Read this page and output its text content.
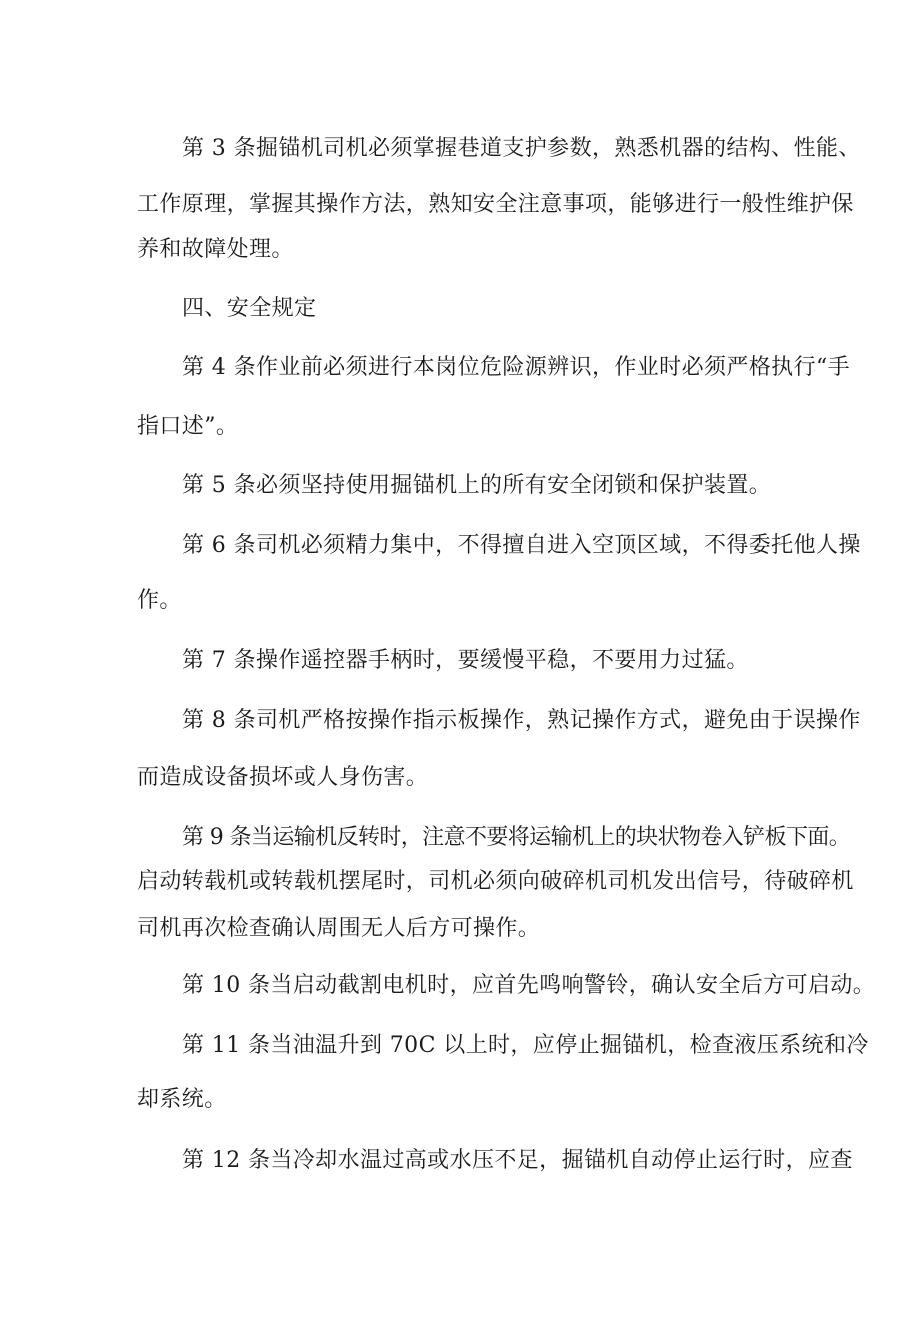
第 3 条掘锚机司机必须掌握巷道支护参数，熟悉机器的结构、性能、
工作原理，掌握其操作方法，熟知安全注意事项，能够进行一般性维护保
养和故障处理。

四、安全规定

第 4 条作业前必须进行本岗位危险源辨识，作业时必须严格执行“手
指口述”。

第 5 条必须坚持使用掘锚机上的所有安全闭锁和保护装置。

第 6 条司机必须精力集中，不得擅自进入空顶区域，不得委托他人操
作。

第 7 条操作遥控器手柄时，要缓慢平稳，不要用力过猛。

第 8 条司机严格按操作指示板操作，熟记操作方式，避免由于误操作
而造成设备损坏或人身伤害。

第 9 条当运输机反转时，注意不要将运输机上的块状物卷入铲板下面。
启动转载机或转载机摆尾时，司机必须向破碎机司机发出信号，待破碎机
司机再次检查确认周围无人后方可操作。

第 10 条当启动截割电机时，应首先鸣响警铃，确认安全后方可启动。

第 11 条当油温升到 70C 以上时，应停止掘锚机，检查液压系统和冷
却系统。

第 12 条当冷却水温过高或水压不足，掘锚机自动停止运行时，应查
